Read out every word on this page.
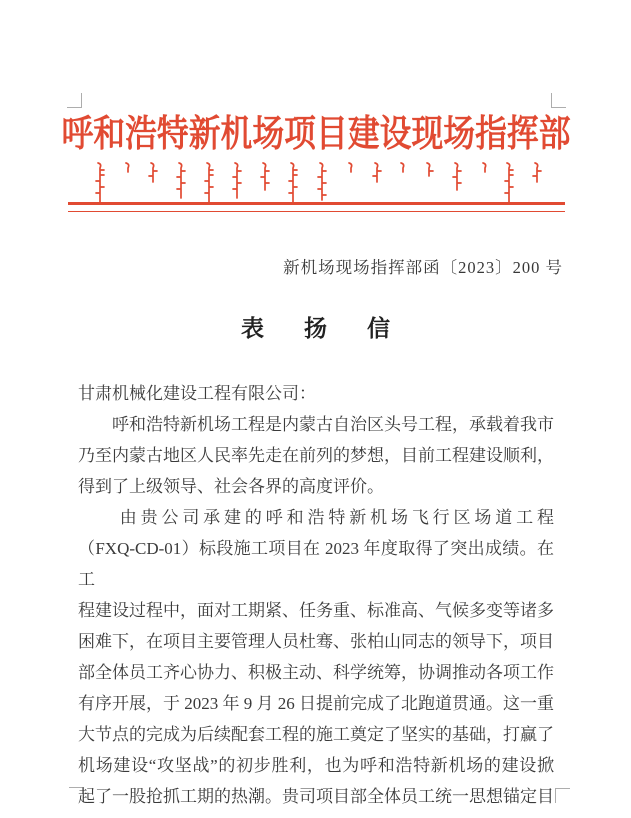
呼和浩特新机场项目建设现场指挥部
新机场现场指挥部函〔2023〕200 号
表 扬 信
甘肃机械化建设工程有限公司：
　　呼和浩特新机场工程是内蒙古自治区头号工程，承载着我市
乃至内蒙古地区人民率先走在前列的梦想，目前工程建设顺利，
得到了上级领导、社会各界的高度评价。
　　由贵公司承建的呼和浩特新机场飞行区场道工程
（FXQ-CD-01）标段施工项目在 2023 年度取得了突出成绩。在工
程建设过程中，面对工期紧、任务重、标准高、气候多变等诸多
困难下，在项目主要管理人员杜骞、张柏山同志的领导下，项目
部全体员工齐心协力、积极主动、科学统筹，协调推动各项工作
有序开展，于 2023 年 9 月 26 日提前完成了北跑道贯通。这一重
大节点的完成为后续配套工程的施工奠定了坚实的基础，打赢了
机场建设“攻坚战”的初步胜利，也为呼和浩特新机场的建设掀
起了一股抢抓工期的热潮。贵司项目部全体员工统一思想锚定目
